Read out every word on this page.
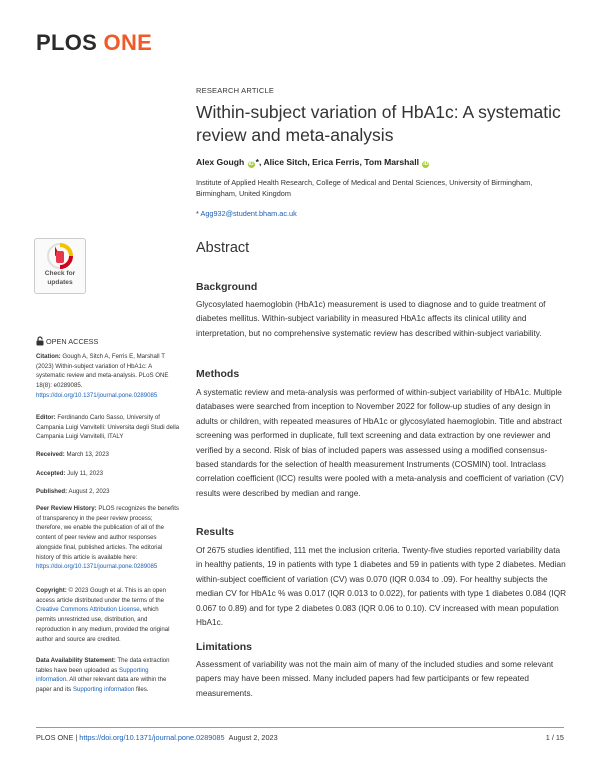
PLOS ONE
RESEARCH ARTICLE
Within-subject variation of HbA1c: A systematic review and meta-analysis
Alex Gough iD *, Alice Sitch, Erica Ferris, Tom Marshall iD
Institute of Applied Health Research, College of Medical and Dental Sciences, University of Birmingham, Birmingham, United Kingdom
* Agg932@student.bham.ac.uk
Abstract
Background

Glycosylated haemoglobin (HbA1c) measurement is used to diagnose and to guide treatment of diabetes mellitus. Within-subject variability in measured HbA1c affects its clinical utility and interpretation, but no comprehensive systematic review has described within-subject variability.

Methods

A systematic review and meta-analysis was performed of within-subject variability of HbA1c. Multiple databases were searched from inception to November 2022 for follow-up studies of any design in adults or children, with repeated measures of HbA1c or glycosylated haemoglobin. Title and abstract screening was performed in duplicate, full text screening and data extraction by one reviewer and verified by a second. Risk of bias of included papers was assessed using a modified consensus-based standards for the selection of health measurement Instruments (COSMIN) tool. Intraclass correlation coefficient (ICC) results were pooled with a meta-analysis and coefficient of variation (CV) results were described by median and range.

Results

Of 2675 studies identified, 111 met the inclusion criteria. Twenty-five studies reported variability data in healthy patients, 19 in patients with type 1 diabetes and 59 in patients with type 2 diabetes. Median within-subject coefficient of variation (CV) was 0.070 (IQR 0.034 to .09). For healthy subjects the median CV for HbA1c % was 0.017 (IQR 0.013 to 0.022), for patients with type 1 diabetes 0.084 (IQR 0.067 to 0.89) and for type 2 diabetes 0.083 (IQR 0.06 to 0.10). CV increased with mean population HbA1c.

Limitations

Assessment of variability was not the main aim of many of the included studies and some relevant papers may have been missed. Many included papers had few participants or few repeated measurements.

Check for
updates
OPEN ACCESS
Citation: Gough A, Sitch A, Ferris E, Marshall T (2023) Within-subject variation of HbA1c: A systematic review and meta-analysis. PLoS ONE 18(8): e0289085. https://doi.org/10.1371/journal.pone.0289085
Editor: Ferdinando Carlo Sasso, University of Campania Luigi Vanvitelli: Universita degli Studi della Campania Luigi Vanvitelli, ITALY
Received: March 13, 2023
Accepted: July 11, 2023
Published: August 2, 2023
Peer Review History: PLOS recognizes the benefits of transparency in the peer review process; therefore, we enable the publication of all of the content of peer review and author responses alongside final, published articles. The editorial history of this article is available here: https://doi.org/10.1371/journal.pone.0289085
Copyright: © 2023 Gough et al. This is an open access article distributed under the terms of the Creative Commons Attribution License, which permits unrestricted use, distribution, and reproduction in any medium, provided the original author and source are credited.
Data Availability Statement: The data extraction tables have been uploaded as Supporting information. All other relevant data are within the paper and its Supporting information files.
PLOS ONE | https://doi.org/10.1371/journal.pone.0289085 August 2, 2023	1 / 15
